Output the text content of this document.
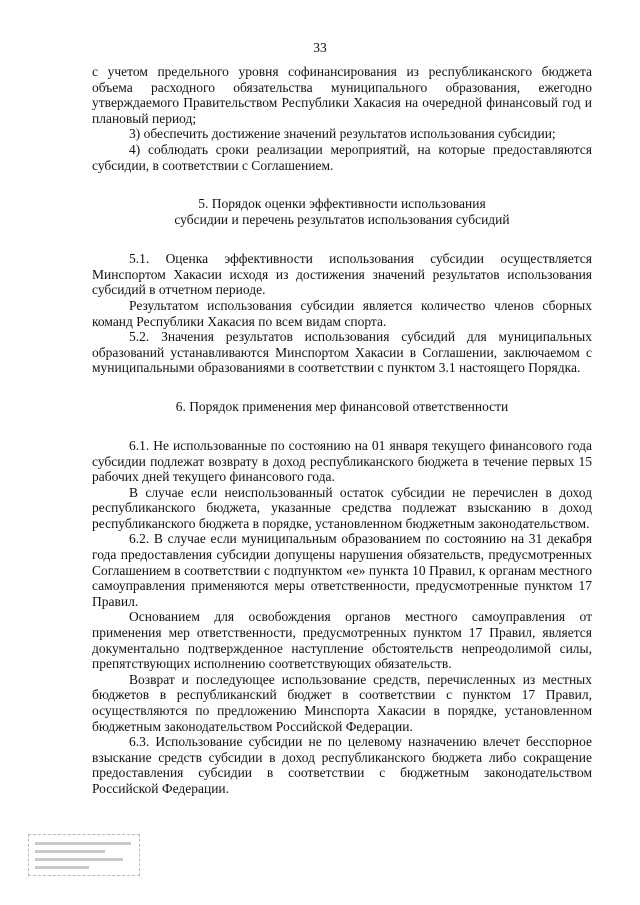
33

с учетом предельного уровня софинансирования из республиканского бюджета объема расходного обязательства муниципального образования, ежегодно утверждаемого Правительством Республики Хакасия на очередной финансовый год и плановый период;

3) обеспечить достижение значений результатов использования субсидии;

4) соблюдать сроки реализации мероприятий, на которые предоставляются субсидии, в соответствии с Соглашением.

5. Порядок оценки эффективности использования
субсидии и перечень результатов использования субсидий

5.1. Оценка эффективности использования субсидии осуществляется Минспортом Хакасии исходя из достижения значений результатов использования субсидий в отчетном периоде.

Результатом использования субсидии является количество членов сборных команд Республики Хакасия по всем видам спорта.

5.2. Значения результатов использования субсидий для муниципальных образований устанавливаются Минспортом Хакасии в Соглашении, заключаемом с муниципальными образованиями в соответствии с пунктом 3.1 настоящего Порядка.

6. Порядок применения мер финансовой ответственности

6.1. Не использованные по состоянию на 01 января текущего финансового года субсидии подлежат возврату в доход республиканского бюджета в течение первых 15 рабочих дней текущего финансового года.

В случае если неиспользованный остаток субсидии не перечислен в доход республиканского бюджета, указанные средства подлежат взысканию в доход республиканского бюджета в порядке, установленном бюджетным законодательством.

6.2. В случае если муниципальным образованием по состоянию на 31 декабря года предоставления субсидии допущены нарушения обязательств, предусмотренных Соглашением в соответствии с подпунктом «е» пункта 10 Правил, к органам местного самоуправления применяются меры ответственности, предусмотренные пунктом 17 Правил.

Основанием для освобождения органов местного самоуправления от применения мер ответственности, предусмотренных пунктом 17 Правил, является документально подтвержденное наступление обстоятельств непреодолимой силы, препятствующих исполнению соответствующих обязательств.

Возврат и последующее использование средств, перечисленных из местных бюджетов в республиканский бюджет в соответствии с пунктом 17 Правил, осуществляются по предложению Минспорта Хакасии в порядке, установленном бюджетным законодательством Российской Федерации.

6.3. Использование субсидии не по целевому назначению влечет бесспорное взыскание средств субсидии в доход республиканского бюджета либо сокращение предоставления субсидии в соответствии с бюджетным законодательством Российской Федерации.
